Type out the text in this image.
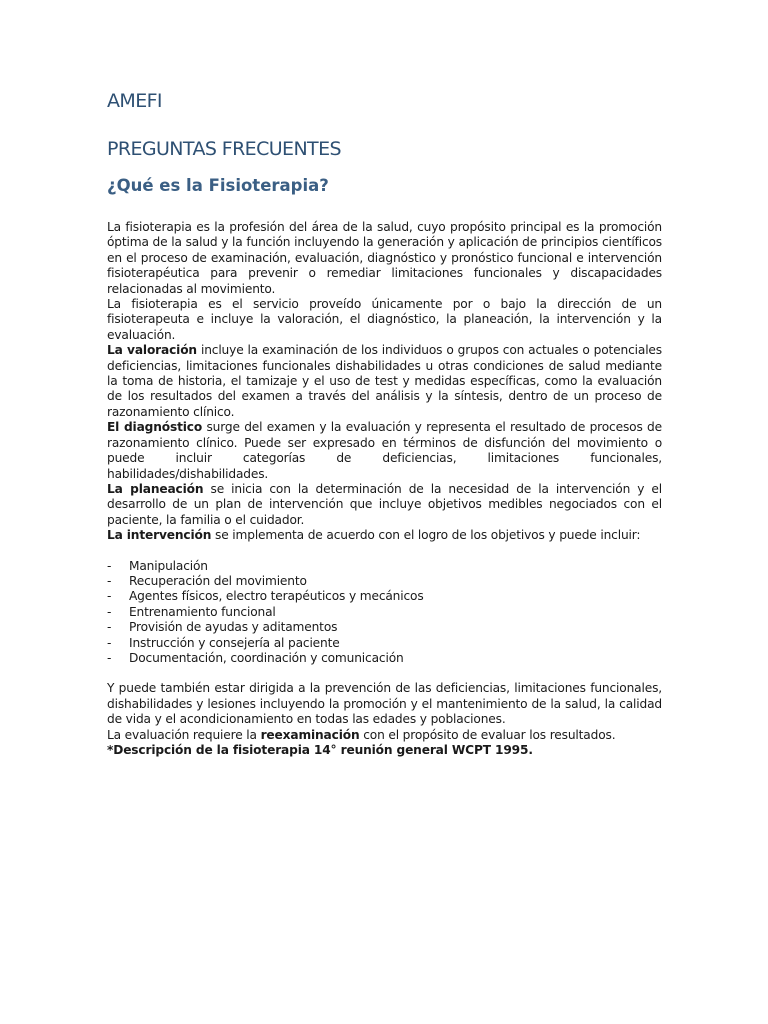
AMEFI
PREGUNTAS FRECUENTES
¿Qué es la Fisioterapia?

La fisioterapia es la profesión del área de la salud, cuyo propósito principal es la promoción óptima de la salud y la función incluyendo la generación y aplicación de principios científicos en el proceso de examinación, evaluación, diagnóstico y pronóstico funcional e intervención fisioterapéutica para prevenir o remediar limitaciones funcionales y discapacidades relacionadas al movimiento.

La fisioterapia es el servicio proveído únicamente por o bajo la dirección de un fisioterapeuta e incluye la valoración, el diagnóstico, la planeación, la intervención y la evaluación.

La valoración incluye la examinación de los individuos o grupos con actuales o potenciales deficiencias, limitaciones funcionales dishabilidades u otras condiciones de salud mediante la toma de historia, el tamizaje y el uso de test y medidas específicas, como la evaluación de los resultados del examen a través del análisis y la síntesis, dentro de un proceso de razonamiento clínico.

El diagnóstico surge del examen y la evaluación y representa el resultado de procesos de razonamiento clínico. Puede ser expresado en términos de disfunción del movimiento o puede incluir categorías de deficiencias, limitaciones funcionales, habilidades/dishabilidades.

La planeación se inicia con la determinación de la necesidad de la intervención y el desarrollo de un plan de intervención que incluye objetivos medibles negociados con el paciente, la familia o el cuidador.

La intervención se implementa de acuerdo con el logro de los objetivos y puede incluir:

-	Manipulación
-	Recuperación del movimiento
-	Agentes físicos, electro terapéuticos y mecánicos
-	Entrenamiento funcional
-	Provisión de ayudas y aditamentos
-	Instrucción y consejería al paciente
-	Documentación, coordinación y comunicación

Y puede también estar dirigida a la prevención de las deficiencias, limitaciones funcionales, dishabilidades y lesiones incluyendo la promoción y el mantenimiento de la salud, la calidad de vida y el acondicionamiento en todas las edades y poblaciones.

La evaluación requiere la reexaminación con el propósito de evaluar los resultados.

*Descripción de la fisioterapia 14° reunión general WCPT 1995.
